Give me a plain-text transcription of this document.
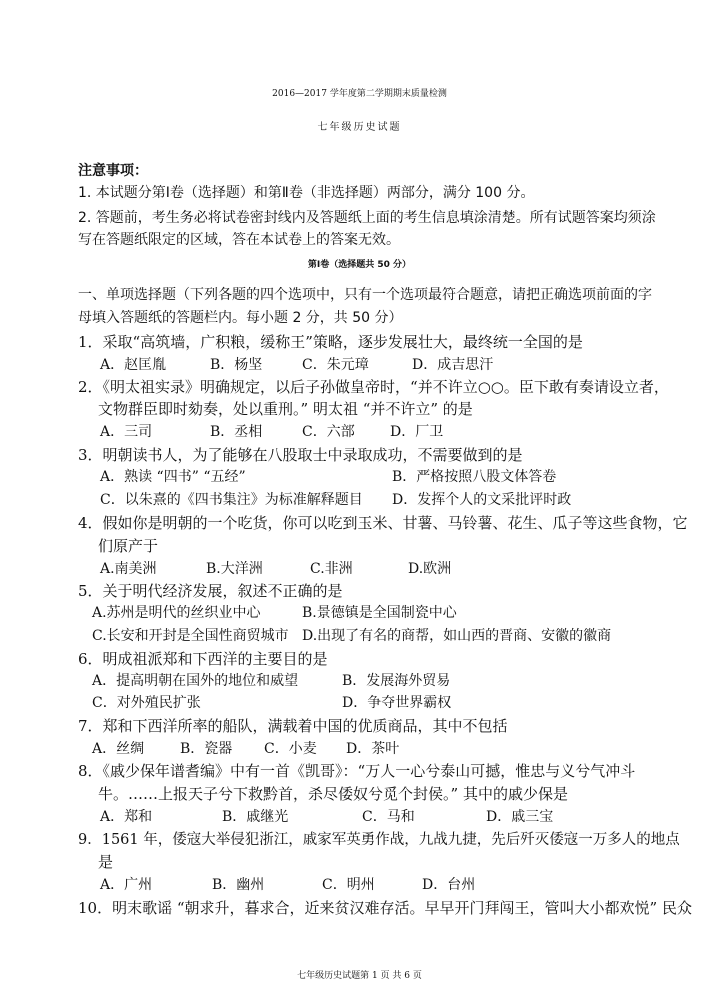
2016—2017 学年度第二学期期末质量检测
七年级历史试题
注意事项：
1. 本试题分第Ⅰ卷（选择题）和第Ⅱ卷（非选择题）两部分，满分 100 分。
2. 答题前，考生务必将试卷密封线内及答题纸上面的考生信息填涂清楚。所有试题答案均须涂
写在答题纸限定的区域，答在本试卷上的答案无效。
第Ⅰ卷（选择题共 50 分）
一、单项选择题（下列各题的四个选项中，只有一个选项最符合题意，请把正确选项前面的字
母填入答题纸的答题栏内。每小题 2 分，共 50 分）
1．采取“高筑墙，广积粮，缓称王”策略，逐步发展壮大，最终统一全国的是
A．赵匡胤	B．杨坚	C．朱元璋	D．成吉思汗
2．《明太祖实录》明确规定，以后子孙做皇帝时，“并不许立○○。臣下敢有奏请设立者，
文物群臣即时劾奏，处以重刑。” 明太祖 “并不许立” 的是
A．三司	B．丞相	C．六部	D．厂卫
3．明朝读书人，为了能够在八股取士中录取成功，不需要做到的是
A．熟读 “四书” “五经”	B．严格按照八股文体答卷
C．以朱熹的《四书集注》为标准解释题目 D．发挥个人的文采批评时政
4．假如你是明朝的一个吃货，你可以吃到玉米、甘薯、马铃薯、花生、瓜子等这些食物，它
们原产于
A.南美洲	B.大洋洲	C.非洲	D.欧洲
5．关于明代经济发展，叙述不正确的是
A.苏州是明代的丝织业中心	B.景德镇是全国制瓷中心
C.长安和开封是全国性商贸城市 D.出现了有名的商帮，如山西的晋商、安徽的徽商
6．明成祖派郑和下西洋的主要目的是
A．提高明朝在国外的地位和威望	B．发展海外贸易
C．对外殖民扩张	D．争夺世界霸权
7．郑和下西洋所率的船队，满载着中国的优质商品，其中不包括
A．丝绸	B．瓷器 C．小麦 D．茶叶
8．《戚少保年谱耆编》中有一首《凯哥》：“万人一心兮泰山可撼，惟忠与义兮气冲斗
牛。……上报天子兮下救黔首，杀尽倭奴兮觅个封侯。” 其中的戚少保是
A．郑和	B．戚继光	C．马和	D．戚三宝
9．1561 年，倭寇大举侵犯浙江，戚家军英勇作战，九战九捷，先后歼灭倭寇一万多人的地点
是
A．广州	B．幽州	C．明州	D．台州
10．明末歌谣 “朝求升，暮求合，近来贫汉难存活。早早开门拜闯王，管叫大小都欢悦” 民众
七年级历史试题第 1 页 共 6 页
